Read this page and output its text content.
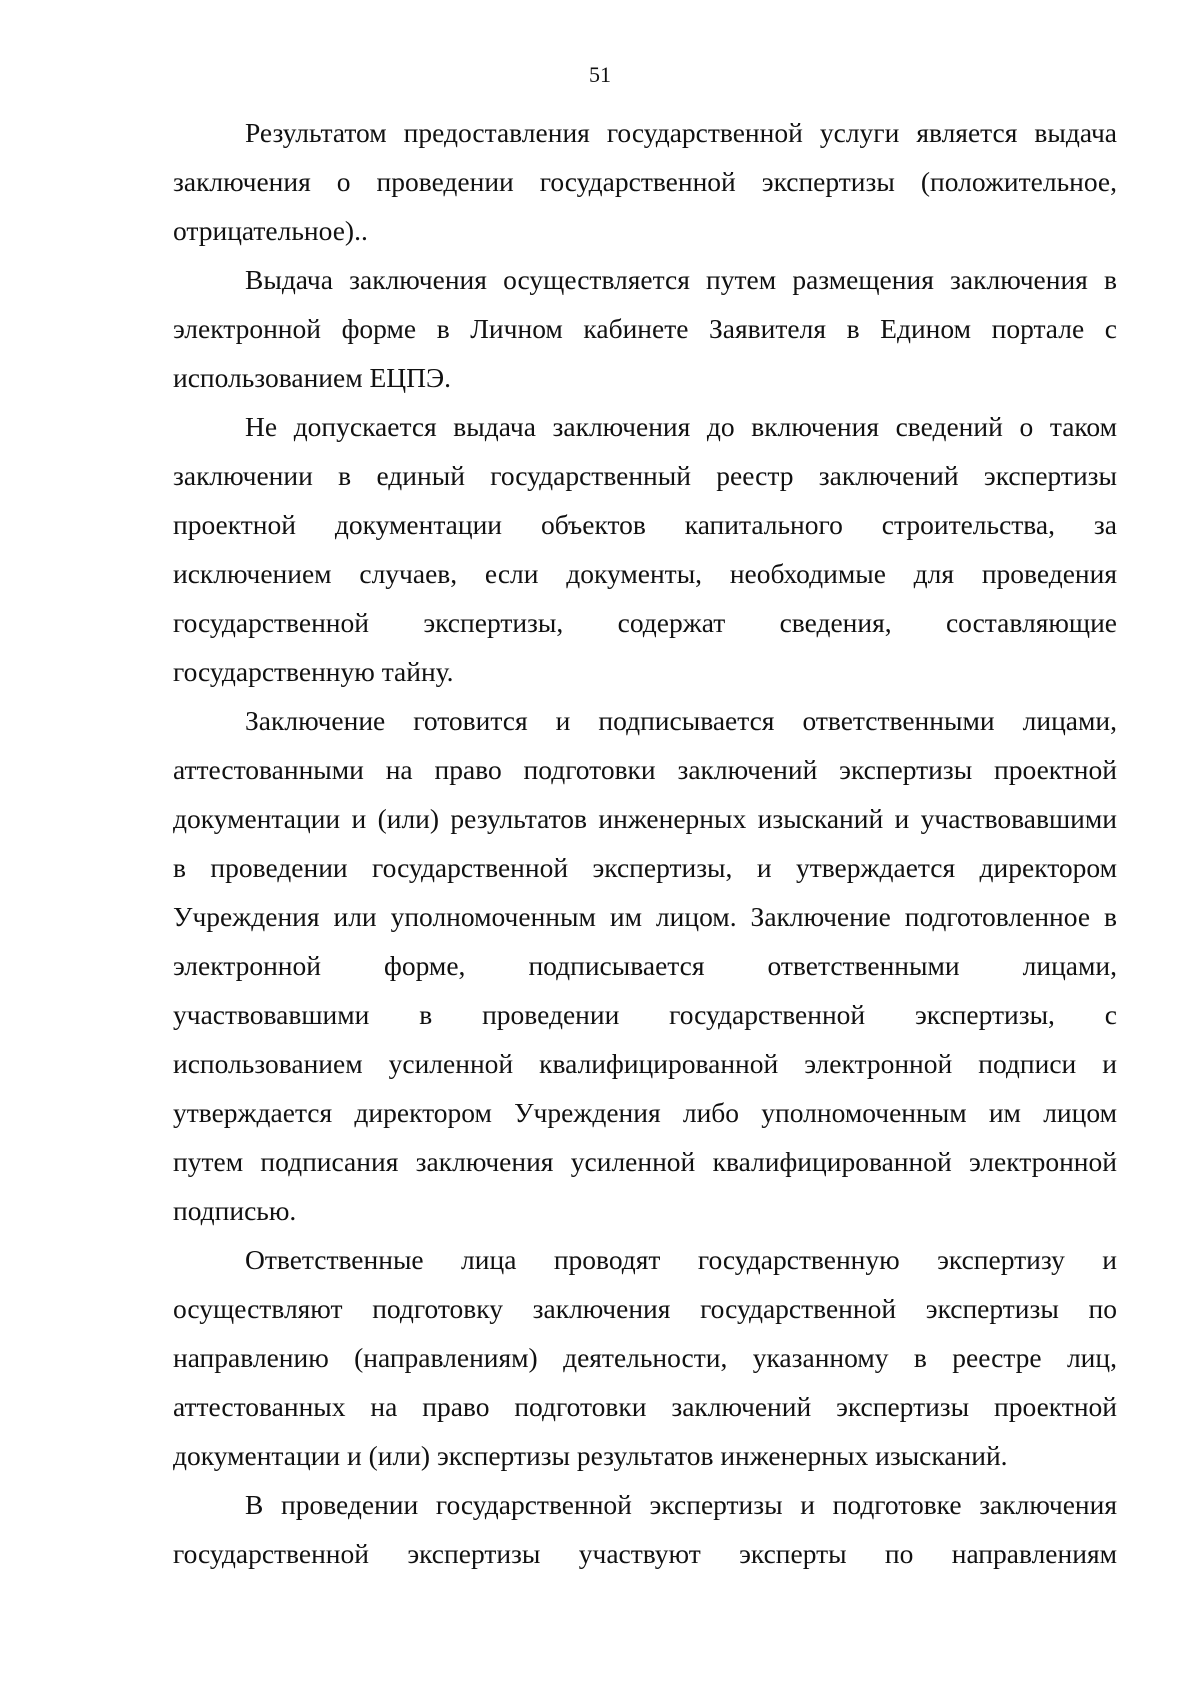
51
Результатом предоставления государственной услуги является выдача
заключения о проведении государственной экспертизы (положительное,
отрицательное)..
Выдача заключения осуществляется путем размещения заключения в
электронной форме в Личном кабинете Заявителя в Едином портале с
использованием ЕЦПЭ.
Не допускается выдача заключения до включения сведений о таком
заключении в единый государственный реестр заключений экспертизы
проектной документации объектов капитального строительства, за
исключением случаев, если документы, необходимые для проведения
государственной экспертизы, содержат сведения, составляющие
государственную тайну.
Заключение готовится и подписывается ответственными лицами,
аттестованными на право подготовки заключений экспертизы проектной
документации и (или) результатов инженерных изысканий и участвовавшими
в проведении государственной экспертизы, и утверждается директором
Учреждения или уполномоченным им лицом. Заключение подготовленное в
электронной форме, подписывается ответственными лицами,
участвовавшими в проведении государственной экспертизы, с
использованием усиленной квалифицированной электронной подписи и
утверждается директором Учреждения либо уполномоченным им лицом
путем подписания заключения усиленной квалифицированной электронной
подписью.
Ответственные лица проводят государственную экспертизу и
осуществляют подготовку заключения государственной экспертизы по
направлению (направлениям) деятельности, указанному в реестре лиц,
аттестованных на право подготовки заключений экспертизы проектной
документации и (или) экспертизы результатов инженерных изысканий.
В проведении государственной экспертизы и подготовке заключения
государственной экспертизы участвуют эксперты по направлениям
